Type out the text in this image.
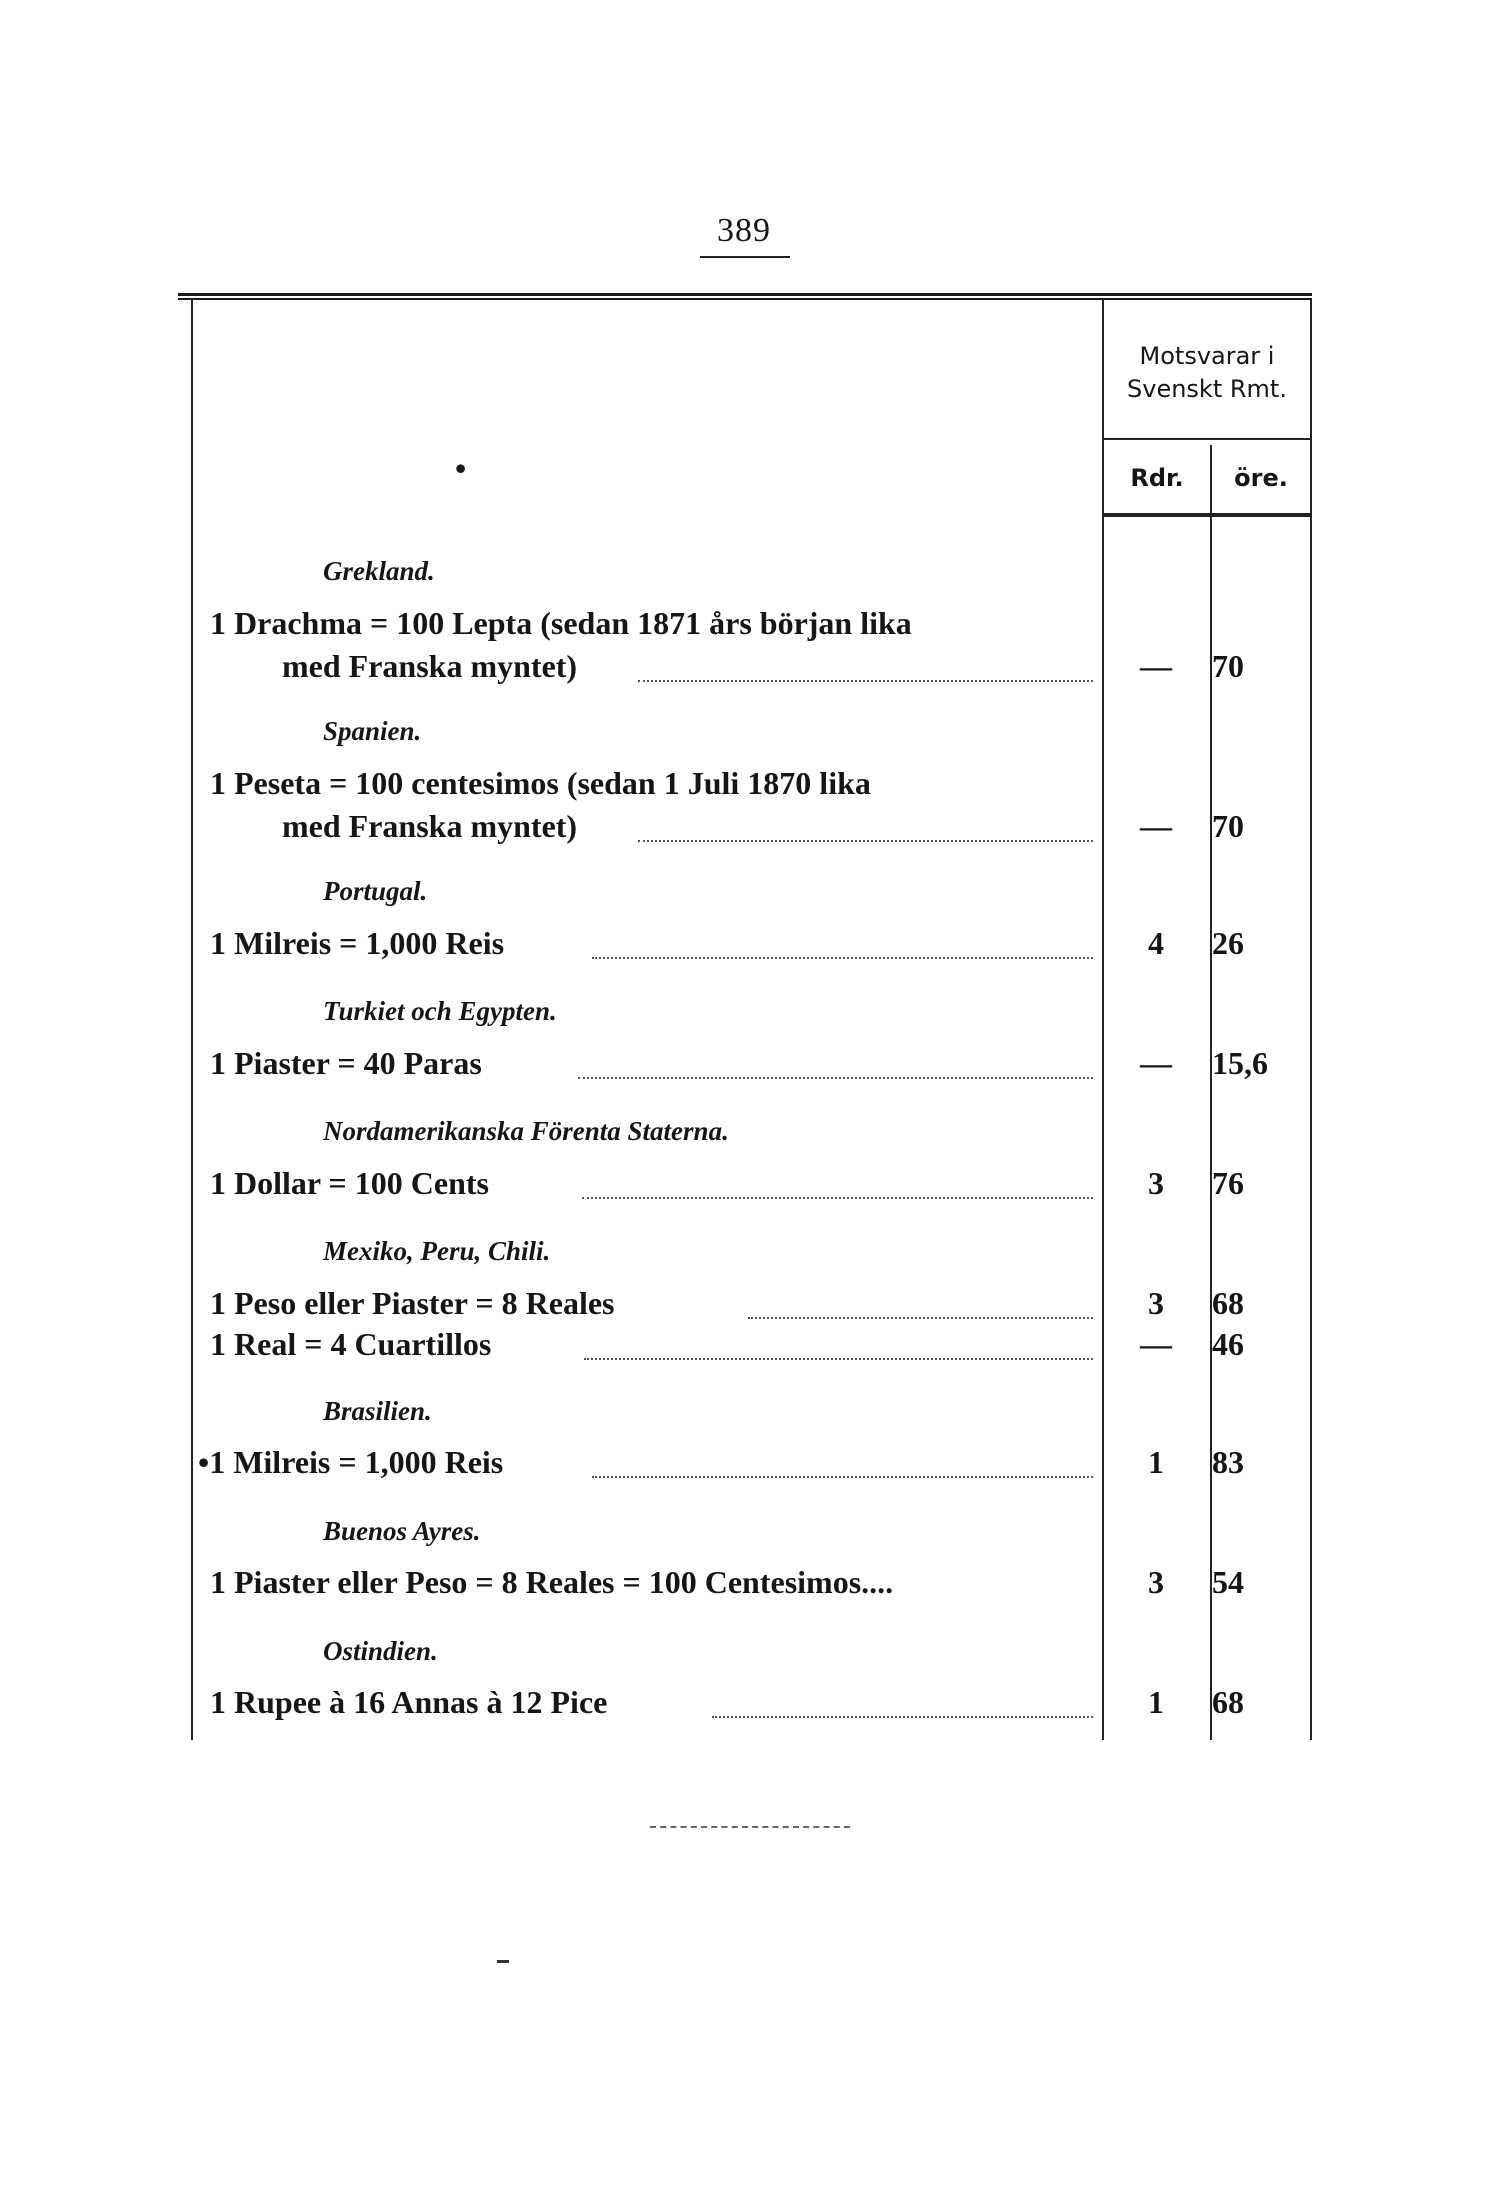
389
Motsvarar i
Svenskt Rmt.
Rdr.	öre.
•
Grekland.
1 Drachma = 100 Lepta (sedan 1871 års början lika
med Franska myntet)	—	70
Spanien.
1 Peseta = 100 centesimos (sedan 1 Juli 1870 lika
med Franska myntet)	—	70
Portugal.
1 Milreis = 1,000 Reis	4	26
Turkiet och Egypten.
1 Piaster = 40 Paras	—	15,6
Nordamerikanska Förenta Staterna.
1 Dollar = 100 Cents	3	76
Mexiko, Peru, Chili.
1 Peso eller Piaster = 8 Reales	3	68
1 Real = 4 Cuartillos	—	46
Brasilien.
•1 Milreis = 1,000 Reis	1	83
Buenos Ayres.
1 Piaster eller Peso = 8 Reales = 100 Centesimos....	3	54
Ostindien.
1 Rupee à 16 Annas à 12 Pice	1	68
